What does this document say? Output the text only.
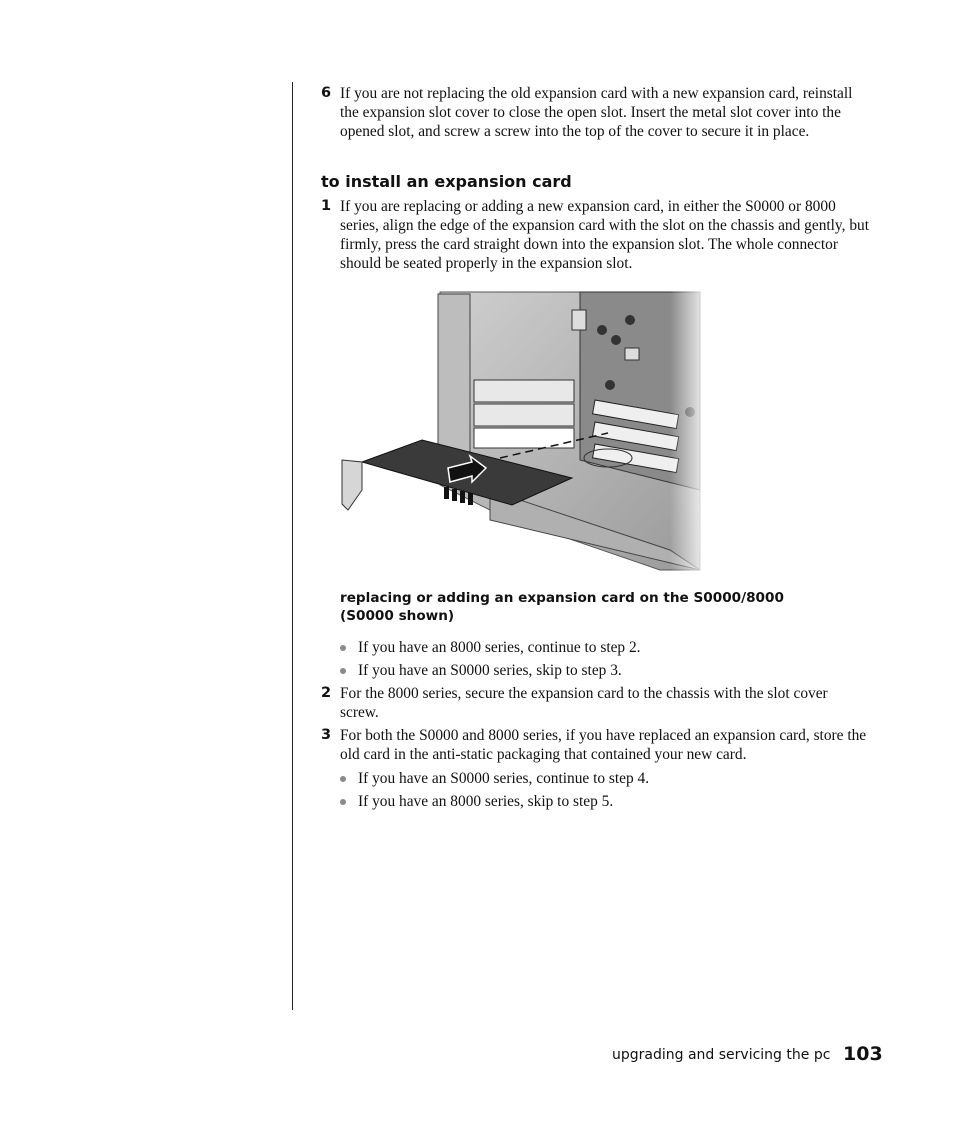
6 If you are not replacing the old expansion card with a new expansion card, reinstall the expansion slot cover to close the open slot. Insert the metal slot cover into the opened slot, and screw a screw into the top of the cover to secure it in place.
to install an expansion card
1 If you are replacing or adding a new expansion card, in either the S0000 or 8000 series, align the edge of the expansion card with the slot on the chassis and gently, but firmly, press the card straight down into the expansion slot. The whole connector should be seated properly in the expansion slot.
replacing or adding an expansion card on the S0000/8000
(S0000 shown)
If you have an 8000 series, continue to step 2.
If you have an S0000 series, skip to step 3.
2 For the 8000 series, secure the expansion card to the chassis with the slot cover screw.
3 For both the S0000 and 8000 series, if you have replaced an expansion card, store the old card in the anti-static packaging that contained your new card.
If you have an S0000 series, continue to step 4.
If you have an 8000 series, skip to step 5.
upgrading and servicing the pc 103
